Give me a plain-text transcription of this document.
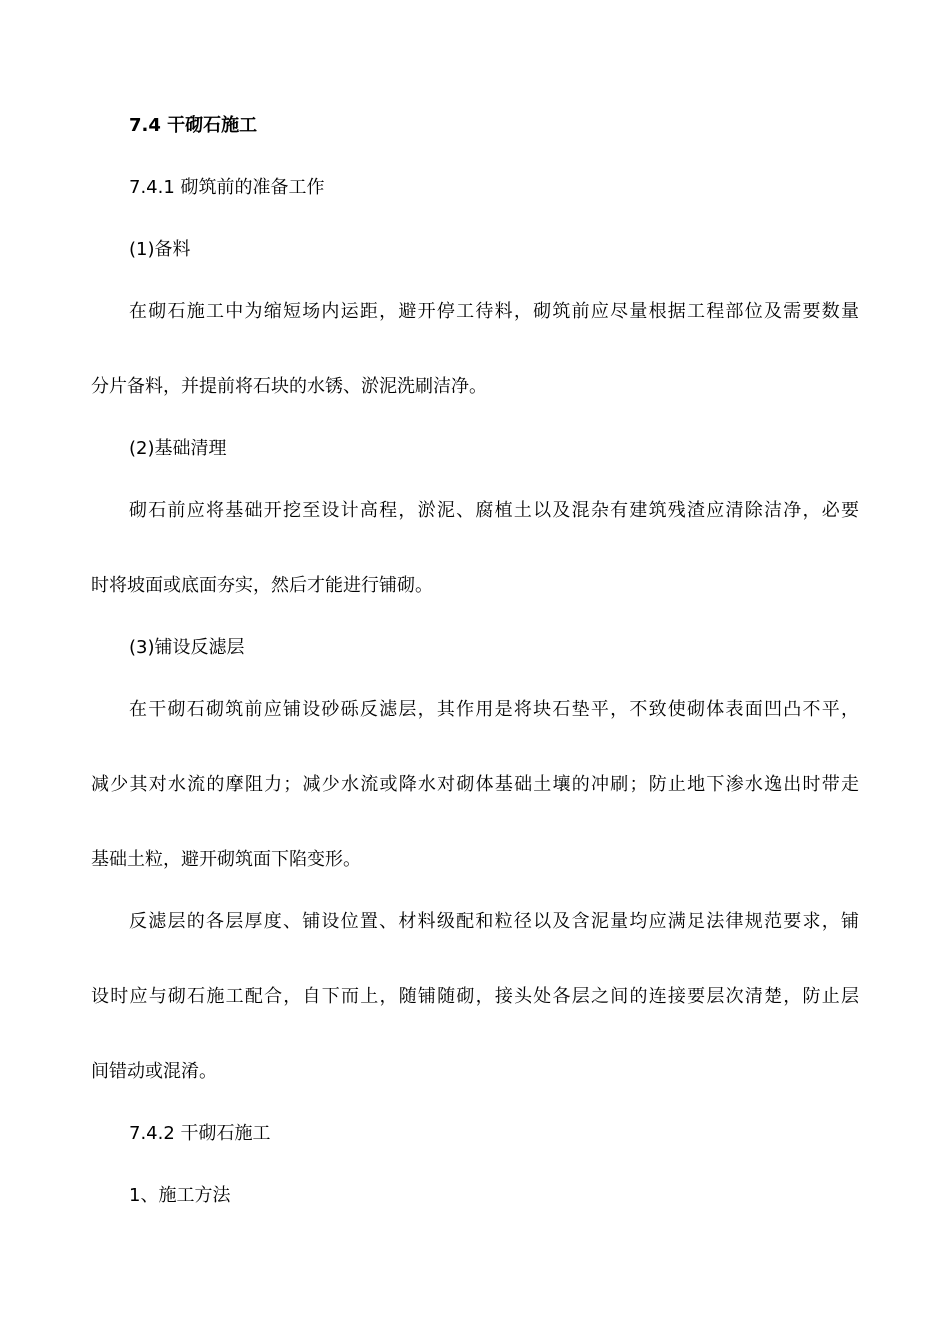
7.4 干砌石施工
7.4.1 砌筑前的准备工作
(1)备料
在砌石施工中为缩短场内运距，避开停工待料，砌筑前应尽量根据工程部位及需要数量
分片备料，并提前将石块的水锈、淤泥洗刷洁净。
(2)基础清理
砌石前应将基础开挖至设计高程，淤泥、腐植土以及混杂有建筑残渣应清除洁净，必要
时将坡面或底面夯实，然后才能进行铺砌。
(3)铺设反滤层
在干砌石砌筑前应铺设砂砾反滤层，其作用是将块石垫平，不致使砌体表面凹凸不平，
减少其对水流的摩阻力；减少水流或降水对砌体基础土壤的冲刷；防止地下渗水逸出时带走
基础土粒，避开砌筑面下陷变形。
反滤层的各层厚度、铺设位置、材料级配和粒径以及含泥量均应满足法律规范要求，铺
设时应与砌石施工配合，自下而上，随铺随砌，接头处各层之间的连接要层次清楚，防止层
间错动或混淆。
7.4.2 干砌石施工
1、施工方法
